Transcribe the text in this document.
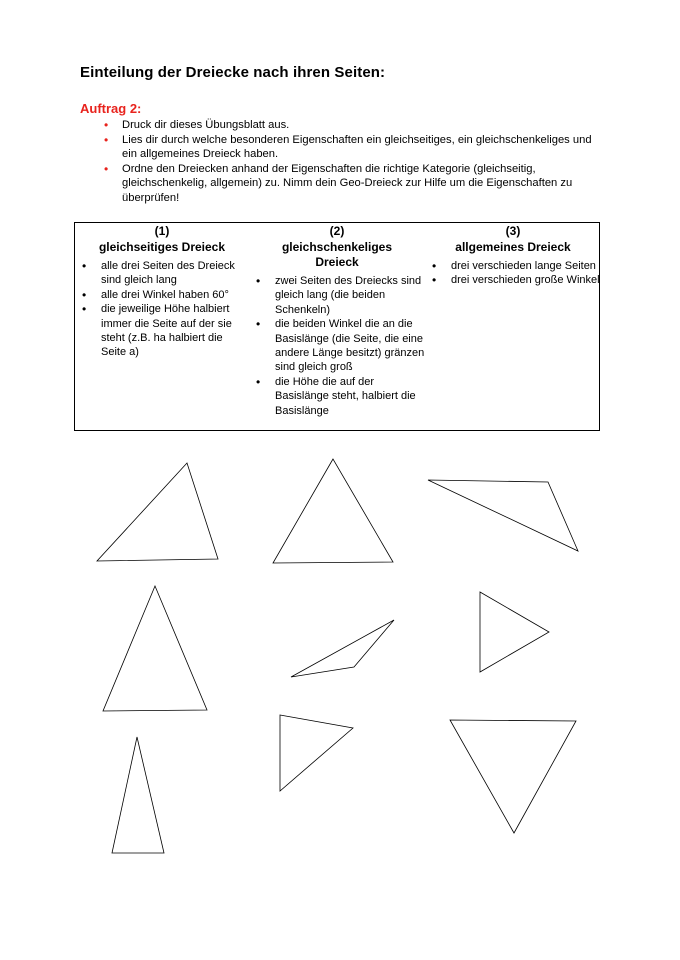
Einteilung der Dreiecke nach ihren Seiten:
Auftrag 2:
• Druck dir dieses Übungsblatt aus.
• Lies dir durch welche besonderen Eigenschaften ein gleichseitiges, ein gleichschenkeliges und ein allgemeines Dreieck haben.
• Ordne den Dreiecken anhand der Eigenschaften die richtige Kategorie (gleichseitig, gleichschenkelig, allgemein) zu. Nimm dein Geo-Dreieck zur Hilfe um die Eigenschaften zu überprüfen!
(1)
gleichseitiges Dreieck
• alle drei Seiten des Dreieck sind gleich lang
• alle drei Winkel haben 60°
• die jeweilige Höhe halbiert immer die Seite auf der sie steht (z.B. ha halbiert die Seite a)
(2)
gleichschenkeliges Dreieck
• zwei Seiten des Dreiecks sind gleich lang (die beiden Schenkeln)
• die beiden Winkel die an die Basislänge (die Seite, die eine andere Länge besitzt) gränzen sind gleich groß
• die Höhe die auf der Basislänge steht, halbiert die Basislänge
(3)
allgemeines Dreieck
• drei verschieden lange Seiten
• drei verschieden große Winkel
